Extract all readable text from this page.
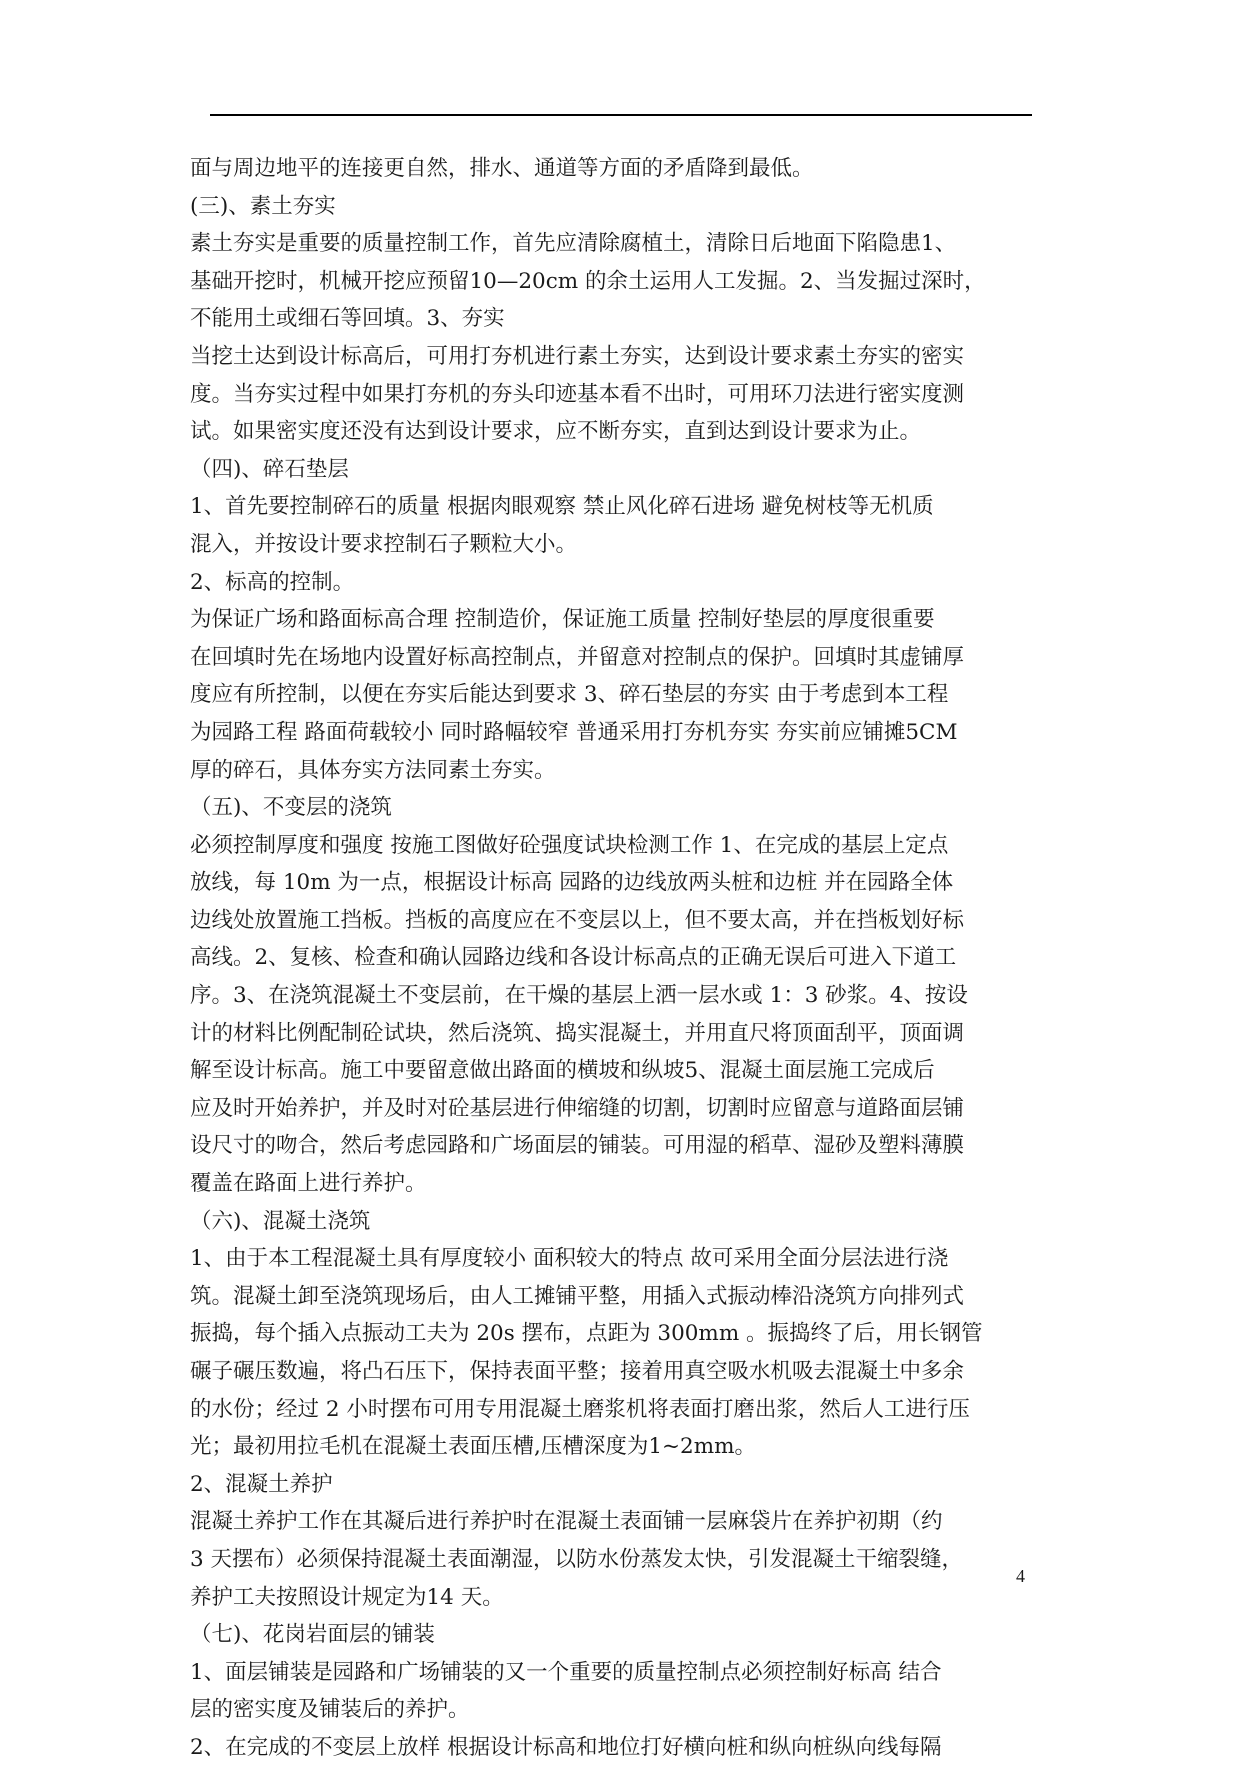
面与周边地平的连接更自然，排水、通道等方面的矛盾降到最低。

(三)、素土夯实

素土夯实是重要的质量控制工作，首先应清除腐植土，清除日后地面下陷隐患1、

基础开挖时，机械开挖应预留10—20cm 的余土运用人工发掘。2、当发掘过深时，

不能用土或细石等回填。3、夯实

当挖土达到设计标高后，可用打夯机进行素土夯实，达到设计要求素土夯实的密实

度。当夯实过程中如果打夯机的夯头印迹基本看不出时，可用环刀法进行密实度测

试。如果密实度还没有达到设计要求，应不断夯实，直到达到设计要求为止。

（四)、碎石垫层

1、首先要控制碎石的质量 根据肉眼观察 禁止风化碎石进场 避免树枝等无机质

混入，并按设计要求控制石子颗粒大小。

2、标高的控制。

为保证广场和路面标高合理 控制造价，保证施工质量 控制好垫层的厚度很重要

在回填时先在场地内设置好标高控制点，并留意对控制点的保护。回填时其虚铺厚

度应有所控制，以便在夯实后能达到要求 3、碎石垫层的夯实 由于考虑到本工程

为园路工程 路面荷载较小 同时路幅较窄 普通采用打夯机夯实 夯实前应铺摊5CM

厚的碎石，具体夯实方法同素土夯实。

（五)、不变层的浇筑

必须控制厚度和强度 按施工图做好砼强度试块检测工作 1、在完成的基层上定点

放线，每 10m 为一点，根据设计标高 园路的边线放两头桩和边桩 并在园路全体

边线处放置施工挡板。挡板的高度应在不变层以上，但不要太高，并在挡板划好标

高线。2、复核、检查和确认园路边线和各设计标高点的正确无误后可进入下道工

序。3、在浇筑混凝土不变层前，在干燥的基层上洒一层水或 1：3 砂浆。4、按设

计的材料比例配制砼试块，然后浇筑、捣实混凝土，并用直尺将顶面刮平，顶面调

解至设计标高。施工中要留意做出路面的横坡和纵坡5、混凝土面层施工完成后

应及时开始养护，并及时对砼基层进行伸缩缝的切割，切割时应留意与道路面层铺

设尺寸的吻合，然后考虑园路和广场面层的铺装。可用湿的稻草、湿砂及塑料薄膜

覆盖在路面上进行养护。

（六)、混凝土浇筑

1、由于本工程混凝土具有厚度较小 面积较大的特点 故可采用全面分层法进行浇

筑。混凝土卸至浇筑现场后，由人工摊铺平整，用插入式振动棒沿浇筑方向排列式

振捣，每个插入点振动工夫为 20s 摆布，点距为 300mm 。振捣终了后，用长钢管

碾子碾压数遍，将凸石压下，保持表面平整；接着用真空吸水机吸去混凝土中多余

的水份；经过 2 小时摆布可用专用混凝土磨浆机将表面打磨出浆，然后人工进行压

光；最初用拉毛机在混凝土表面压槽,压槽深度为1~2mm。

2、混凝土养护

混凝土养护工作在其凝后进行养护时在混凝土表面铺一层麻袋片在养护初期（约

3 天摆布）必须保持混凝土表面潮湿，以防水份蒸发太快，引发混凝土干缩裂缝，

养护工夫按照设计规定为14 天。

（七)、花岗岩面层的铺装

1、面层铺装是园路和广场铺装的又一个重要的质量控制点必须控制好标高 结合

层的密实度及铺装后的养护。

2、在完成的不变层上放样 根据设计标高和地位打好横向桩和纵向桩纵向线每隔

4
